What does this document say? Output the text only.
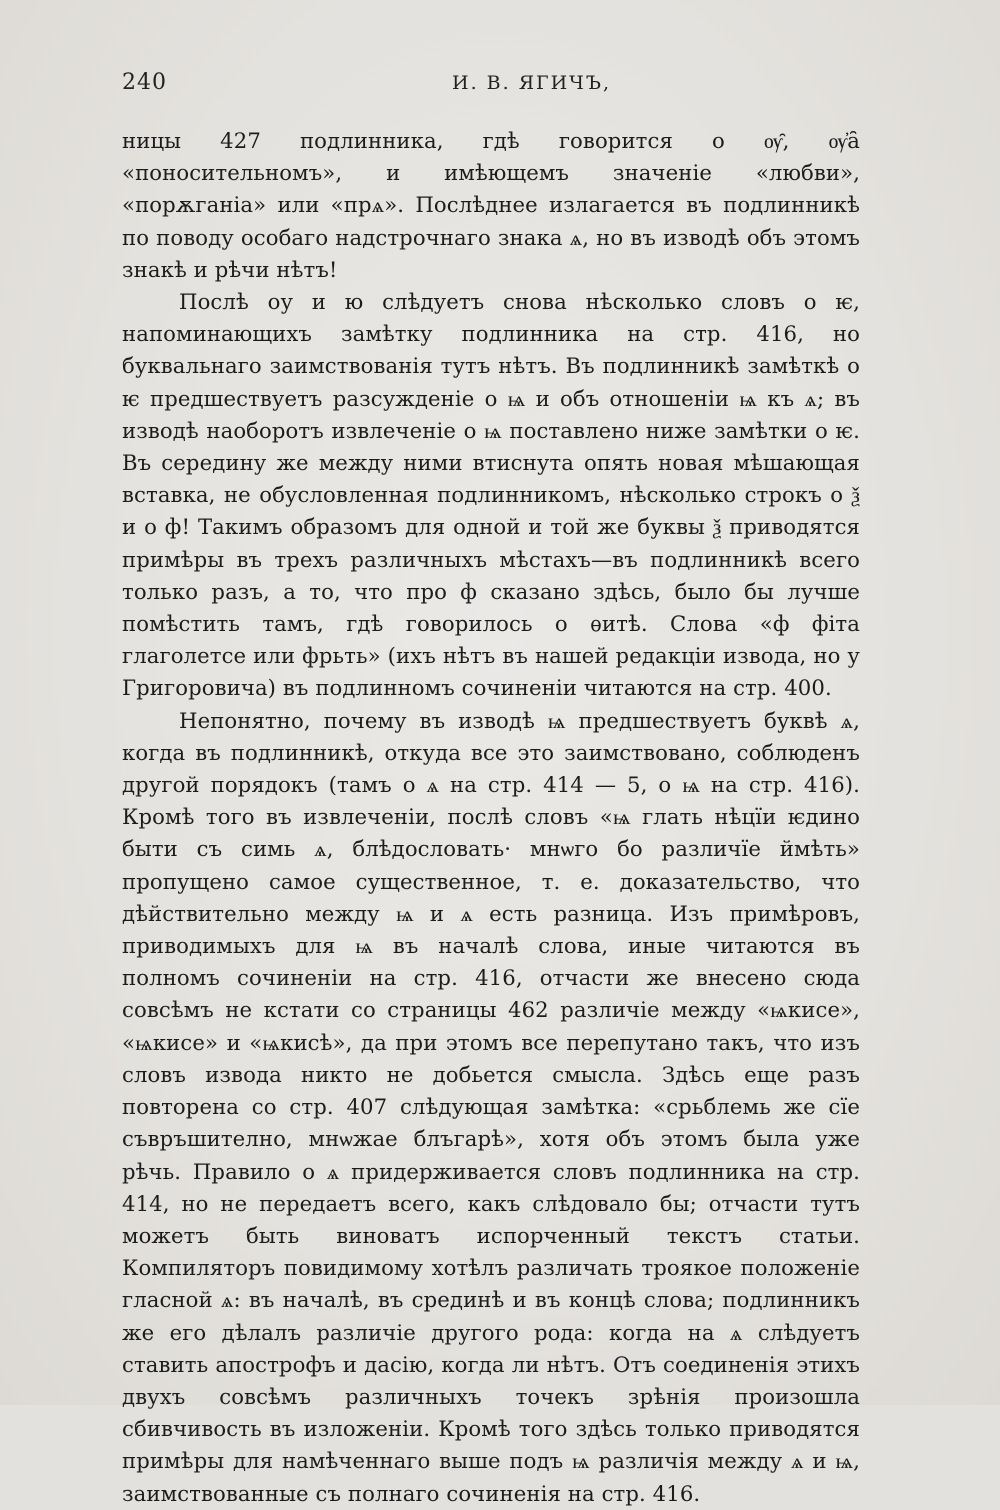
240	И. В. ЯГИЧЪ,

ницы 427 подлинника, гдѣ говорится о ѹ̑, ѹ҆а̑ «поносительномъ», и имѣющемъ значеніе «любви», «порѫганіа» или «прѧ». Послѣднее излагается въ подлинникѣ по поводу особаго надстрочнаго знака ѧ, но въ изводѣ объ этомъ знакѣ и рѣчи нѣтъ!

Послѣ оу и ю слѣдуетъ снова нѣсколько словъ о ѥ, напоминающихъ замѣтку подлинника на стр. 416, но буквальнаго заимствованія тутъ нѣтъ. Въ подлинникѣ замѣткѣ о ѥ предшествуетъ разсужденіе о ѩ и объ отношеніи ѩ къ ѧ; въ изводѣ наоборотъ извлеченіе о ѩ поставлено ниже замѣтки о ѥ. Въ середину же между ними втиснута опять новая мѣшающая вставка, не обусловленная подлинникомъ, нѣсколько строкъ о ѯ и о ф! Такимъ образомъ для одной и той же буквы ѯ приводятся примѣры въ трехъ различныхъ мѣстахъ—въ подлинникѣ всего только разъ, а то, что про ф сказано здѣсь, было бы лучше помѣстить тамъ, гдѣ говорилось о ѳитѣ. Слова «ф фіта глаголетсе или фрьть» (ихъ нѣтъ въ нашей редакціи извода, но у Григоровича) въ подлинномъ сочиненіи читаются на стр. 400.

Непонятно, почему въ изводѣ ѩ предшествуетъ буквѣ ѧ, когда въ подлинникѣ, откуда все это заимствовано, соблюденъ другой порядокъ (тамъ о ѧ на стр. 414 — 5, о ѩ на стр. 416). Кромѣ того въ извлеченіи, послѣ словъ «ѩ глать нѣцїи ѥдино быти съ симь ѧ, блѣдословать· мнѡго бо различїе ймѣть» пропущено самое существенное, т. е. доказательство, что дѣйствительно между ѩ и ѧ есть разница. Изъ примѣровъ, приводимыхъ для ѩ въ началѣ слова, иные читаются въ полномъ сочиненіи на стр. 416, отчасти же внесено сюда совсѣмъ не кстати со страницы 462 различіе между «ѩкисе», «ѩкисе» и «ѩкисѣ», да при этомъ все перепутано такъ, что изъ словъ извода никто не добьется смысла. Здѣсь еще разъ повторена со стр. 407 слѣдующая замѣтка: «срьблемь же сїе съвръшително, мнѡжае блъгарѣ», хотя объ этомъ была уже рѣчь. Правило о ѧ придерживается словъ подлинника на стр. 414, но не передаетъ всего, какъ слѣдовало бы; отчасти тутъ можетъ быть виноватъ испорченный текстъ статьи. Компиляторъ повидимому хотѣлъ различать троякое положеніе гласной ѧ: въ началѣ, въ срединѣ и въ концѣ слова; подлинникъ же его дѣлалъ различіе другого рода: когда на ѧ слѣдуетъ ставить апострофъ и дасію, когда ли нѣтъ. Отъ соединенія этихъ двухъ совсѣмъ различныхъ точекъ зрѣнія произошла сбивчивость въ изложеніи. Кромѣ того здѣсь только приводятся примѣры для намѣченнаго выше подъ ѩ различія между ѧ и ѩ, заимствованные съ полнаго сочиненія на стр. 416.
